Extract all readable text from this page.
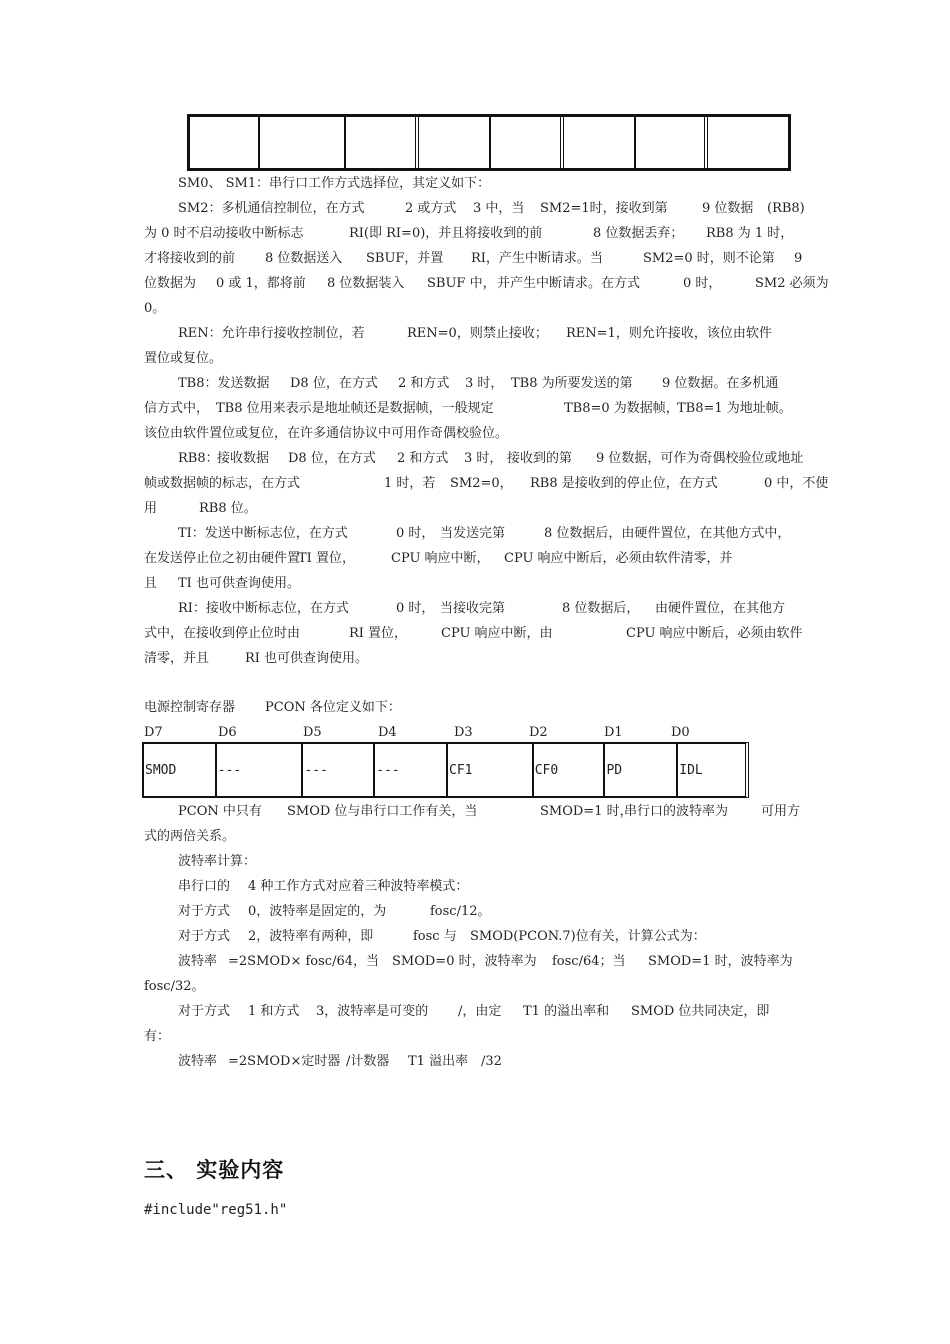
SM0、 SM1：串行口工作方式选择位，其定义如下：
SM2：多机通信控制位，在方式	2 或方式 3 中，当 SM2=1时，接收到第	9 位数据 (RB8)
为 0 时不启动接收中断标志	RI(即 RI=0)，并且将接收到的前	8 位数据丢弃； RB8 为 1 时，
才将接收到的前 8 位数据送入 SBUF，并置 RI，产生中断请求。当	SM2=0 时，则不论第 9
位数据为 0 或 1，都将前 8 位数据装入 SBUF 中， 并产生中断请求。在方式	0 时，	SM2 必须为
0。
REN：允许串行接收控制位，若	REN=0，则禁止接收； REN=1，则允许接收，该位由软件
置位或复位。
TB8：发送数据 D8 位，在方式 2 和方式 3 时， TB8 为所要发送的第 9 位数据。在多机通
信方式中， TB8 位用来表示是地址帧还是数据帧，一般规定	TB8=0 为数据帧，
TB8=1 为地址帧。
该位由软件置位或复位，在许多通信协议中可用作奇偶校验位。
RB8：
接收数据 D8 位，在方式 2 和方式 3 时， 接收到的第 9 位数据，可作为奇偶校验位或地址
帧或数据帧的标志，在方式	1 时，若 SM2=0， RB8 是接收到的停止位，在方式	0 中，不使
用	RB8 位。
TI：发送中断标志位，在方式	0 时， 当发送完第	8 位数据后，由硬件置位，在其他方式中，
在发送停止位之初由硬件置
TI 置位，	CPU 响应中断， CPU 响应中断后，必须由软件清零，并
且 TI 也可供查询使用。
RI：接收中断标志位，在方式	0 时， 当接收完第	8 位数据后， 由硬件置位，在其他方
式中，在接收到停止位时由	RI 置位，	CPU 响应中断，由	CPU 响应中断后，必须由软件
清零，并且	RI 也可供查询使用。
电源控制寄存器 PCON 各位定义如下：
D7	D6	D5	D4	D3	D2	D1	D0
SMOD	---	---	---	CF1	CF0	PD	IDL
PCON 中只有 SMOD 位与串行口工作有关，当	SMOD=1 时，
串行口的波特率为	可用方
式的两倍关系。
波特率计算：
串行口的 4 种工作方式对应着三种波特率模式：
对于方式 0，波特率是固定的，为	fosc/12。
对于方式 2，波特率有两种，即	fosc 与 SMOD(PCON.7)位有关，计算公式为：
波特率 =2SMOD× fosc/64，当 SMOD=0 时，波特率为 fosc/64；当 SMOD=1 时，波特率为
fosc/32。
对于方式 1 和方式 3，波特率是可变的 /，由定 T1 的溢出率和 SMOD 位共同决定，即
有：
波特率 =2SMOD×定时器 /计数器 T1 溢出率 /32
三、 实验内容
#include"reg51.h"
